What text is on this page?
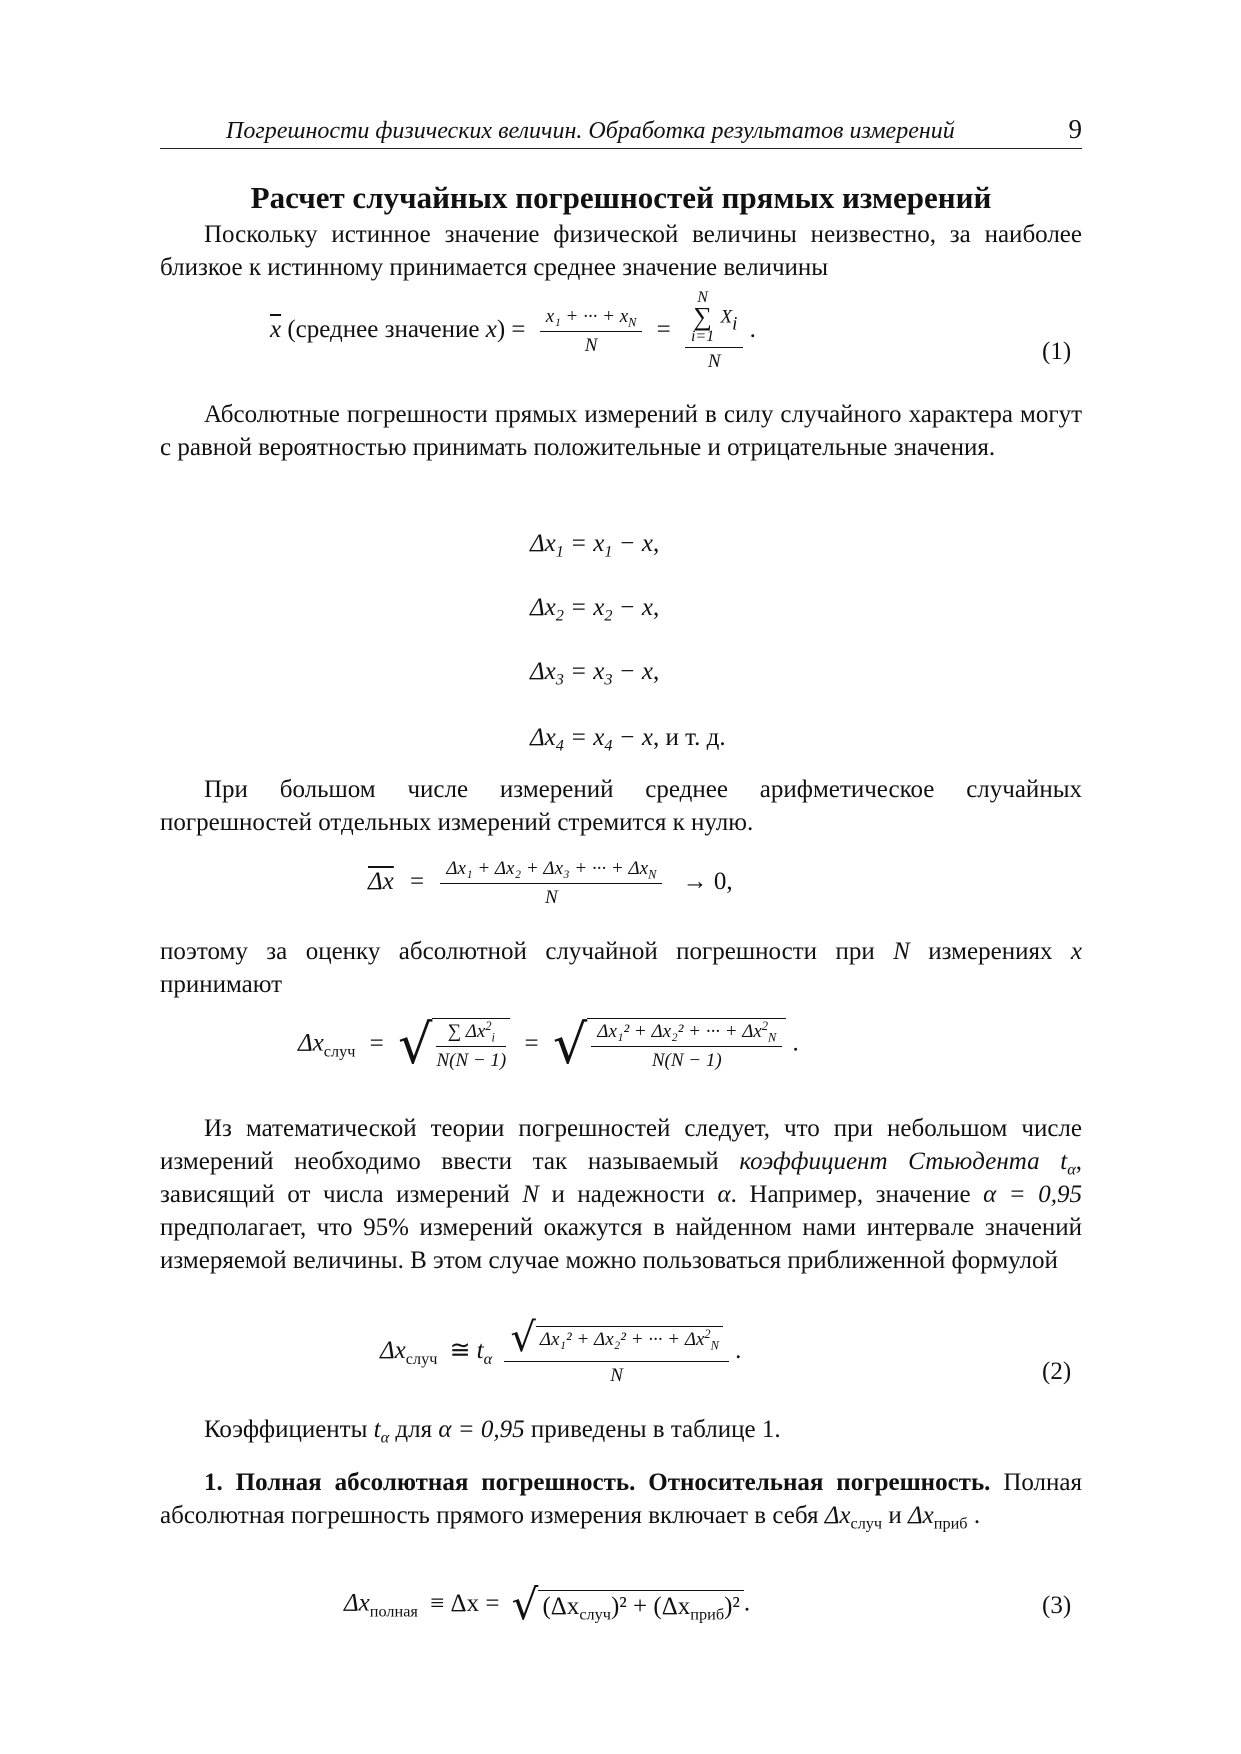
Погрешности физических величин. Обработка результатов измерений	9
Расчет случайных погрешностей прямых измерений

Поскольку истинное значение физической величины неизвестно, за наиболее близкое к истинному принимается среднее значение величины

$\overline{x}$ (среднее значение $x) = \frac{x_1 + \cdot\cdot\cdot + x_N}{N} = N$
∑
i=1
$X_i$
N .
(1)

Абсолютные погрешности прямых измерений в силу случайного характера могут с равной вероятностью принимать положительные и отрицательные значения.

$\Delta x_1 = x_1 - x$,
$\Delta x_2 = x_2 - x$,
$\Delta x_3 = x_3 - x$,
$\Delta x_4 = x_4 - x$, и т. д.

При большом числе измерений среднее арифметическое случайных погрешностей отдельных измерений стремится к нулю.

$\overline{\Delta x} = \frac{\Delta x_1 + \Delta x_2 + \Delta x_3 + \cdot\cdot\cdot + \Delta x_N}{N} \to 0$,

поэтому за оценку абсолютной случайной погрешности при N измерениях x принимают

$\Delta x_{случ}$ = √ $\frac{\sum \Delta x^2_i}{N(N - 1)}$ = √ $\frac{\Delta x_1^2 + \Delta x_2^2 + \cdot\cdot\cdot + \Delta x^2_N}{N(N - 1)}$ .

Из математической теории погрешностей следует, что при небольшом числе измерений необходимо ввести так называемый коэффициент Стьюдента $t_\alpha$, зависящий от числа измерений N и надежности α. Например, значение α = 0,95 предполагает, что 95% измерений окажутся в найденном нами интервале значений измеряемой величины. В этом случае можно пользоваться приближенной формулой

$\Delta x_{случ}$ ≅ $t_\alpha \frac{√ \Delta x_1^2 + \Delta x_2^2 + \cdot\cdot\cdot + \Delta x^2_N}{N}$ .
(2)

Коэффициенты $t_\alpha$ для α = 0,95 приведены в таблице 1.

1. Полная абсолютная погрешность. Относительная погрешность. Полная абсолютная погрешность прямого измерения включает в себя $\Delta x_{случ}$ и $\Delta x_{приб}$ .

$\Delta x_{полная} \equiv \Delta x$ = √ $(\Delta x_{случ})^2 + (\Delta x_{приб})^2$ .	(3)
